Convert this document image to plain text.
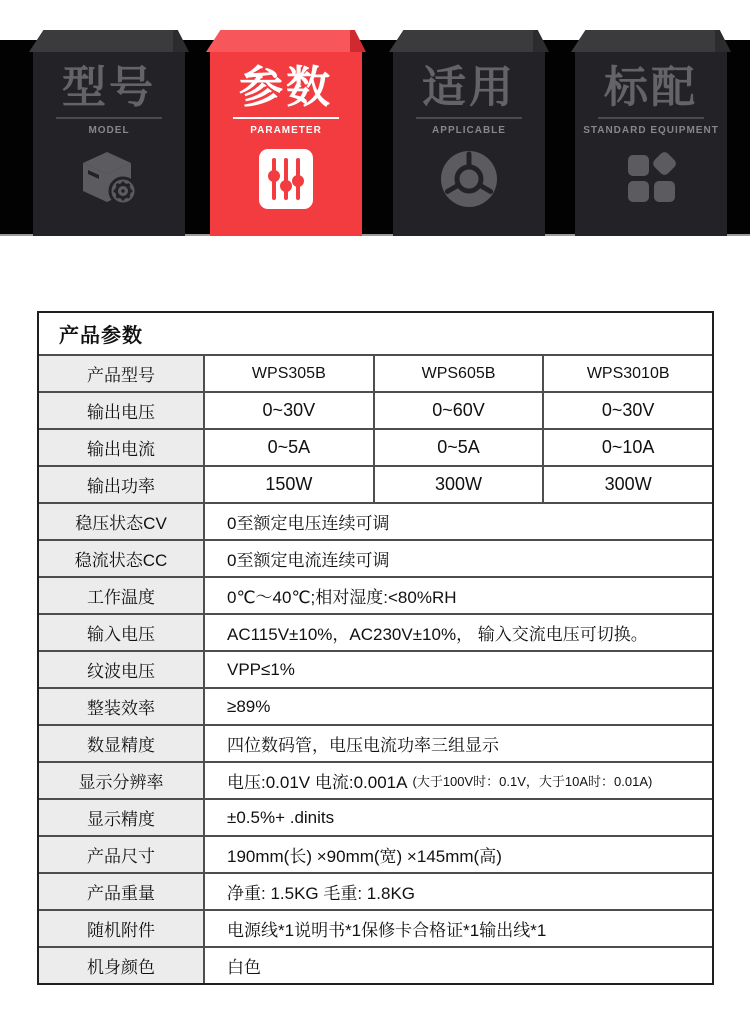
型号
MODEL
参数
PARAMETER
适用
APPLICABLE
标配
STANDARD EQUIPMENT
产品参数
产品型号	WPS305B	WPS605B	WPS3010B
输出电压	0~30V	0~60V	0~30V
输出电流	0~5A	0~5A	0~10A
输出功率	150W	300W	300W
稳压状态CV	0至额定电压连续可调
稳流状态CC	0至额定电流连续可调
工作温度	0℃～40℃;相对湿度:<80%RH
输入电压	AC115V±10%，AC230V±10%， 输入交流电压可切换。
纹波电压	VPP≤1%
整装效率	≥89%
数显精度	四位数码管，电压电流功率三组显示
显示分辨率	电压:0.01V 电流:0.001A (大于100V时：0.1V，大于10A时：0.01A)
显示精度	±0.5%+ .dinits
产品尺寸	190mm(长) ×90mm(宽) ×145mm(高)
产品重量	净重: 1.5KG 毛重: 1.8KG
随机附件	电源线*1说明书*1保修卡合格证*1输出线*1
机身颜色	白色
